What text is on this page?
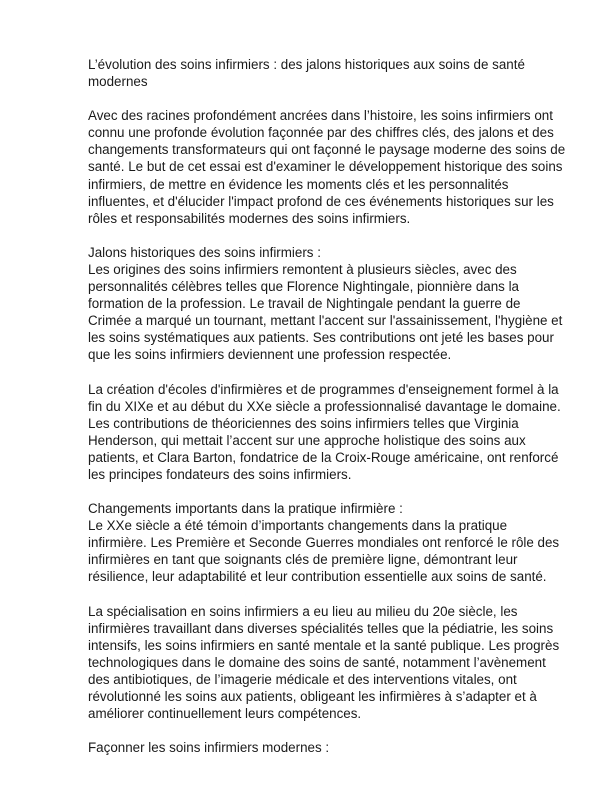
L’évolution des soins infirmiers : des jalons historiques aux soins de santé modernes

Avec des racines profondément ancrées dans l’histoire, les soins infirmiers ont connu une profonde évolution façonnée par des chiffres clés, des jalons et des changements transformateurs qui ont façonné le paysage moderne des soins de santé. Le but de cet essai est d'examiner le développement historique des soins infirmiers, de mettre en évidence les moments clés et les personnalités influentes, et d'élucider l'impact profond de ces événements historiques sur les rôles et responsabilités modernes des soins infirmiers.

Jalons historiques des soins infirmiers :

Les origines des soins infirmiers remontent à plusieurs siècles, avec des personnalités célèbres telles que Florence Nightingale, pionnière dans la formation de la profession. Le travail de Nightingale pendant la guerre de Crimée a marqué un tournant, mettant l'accent sur l'assainissement, l'hygiène et les soins systématiques aux patients. Ses contributions ont jeté les bases pour que les soins infirmiers deviennent une profession respectée.

La création d'écoles d'infirmières et de programmes d'enseignement formel à la fin du XIXe et au début du XXe siècle a professionnalisé davantage le domaine. Les contributions de théoriciennes des soins infirmiers telles que Virginia Henderson, qui mettait l’accent sur une approche holistique des soins aux patients, et Clara Barton, fondatrice de la Croix-Rouge américaine, ont renforcé les principes fondateurs des soins infirmiers.

Changements importants dans la pratique infirmière :

Le XXe siècle a été témoin d’importants changements dans la pratique infirmière. Les Première et Seconde Guerres mondiales ont renforcé le rôle des infirmières en tant que soignants clés de première ligne, démontrant leur résilience, leur adaptabilité et leur contribution essentielle aux soins de santé.

La spécialisation en soins infirmiers a eu lieu au milieu du 20e siècle, les infirmières travaillant dans diverses spécialités telles que la pédiatrie, les soins intensifs, les soins infirmiers en santé mentale et la santé publique. Les progrès technologiques dans le domaine des soins de santé, notamment l’avènement des antibiotiques, de l’imagerie médicale et des interventions vitales, ont révolutionné les soins aux patients, obligeant les infirmières à s’adapter et à améliorer continuellement leurs compétences.

Façonner les soins infirmiers modernes :
